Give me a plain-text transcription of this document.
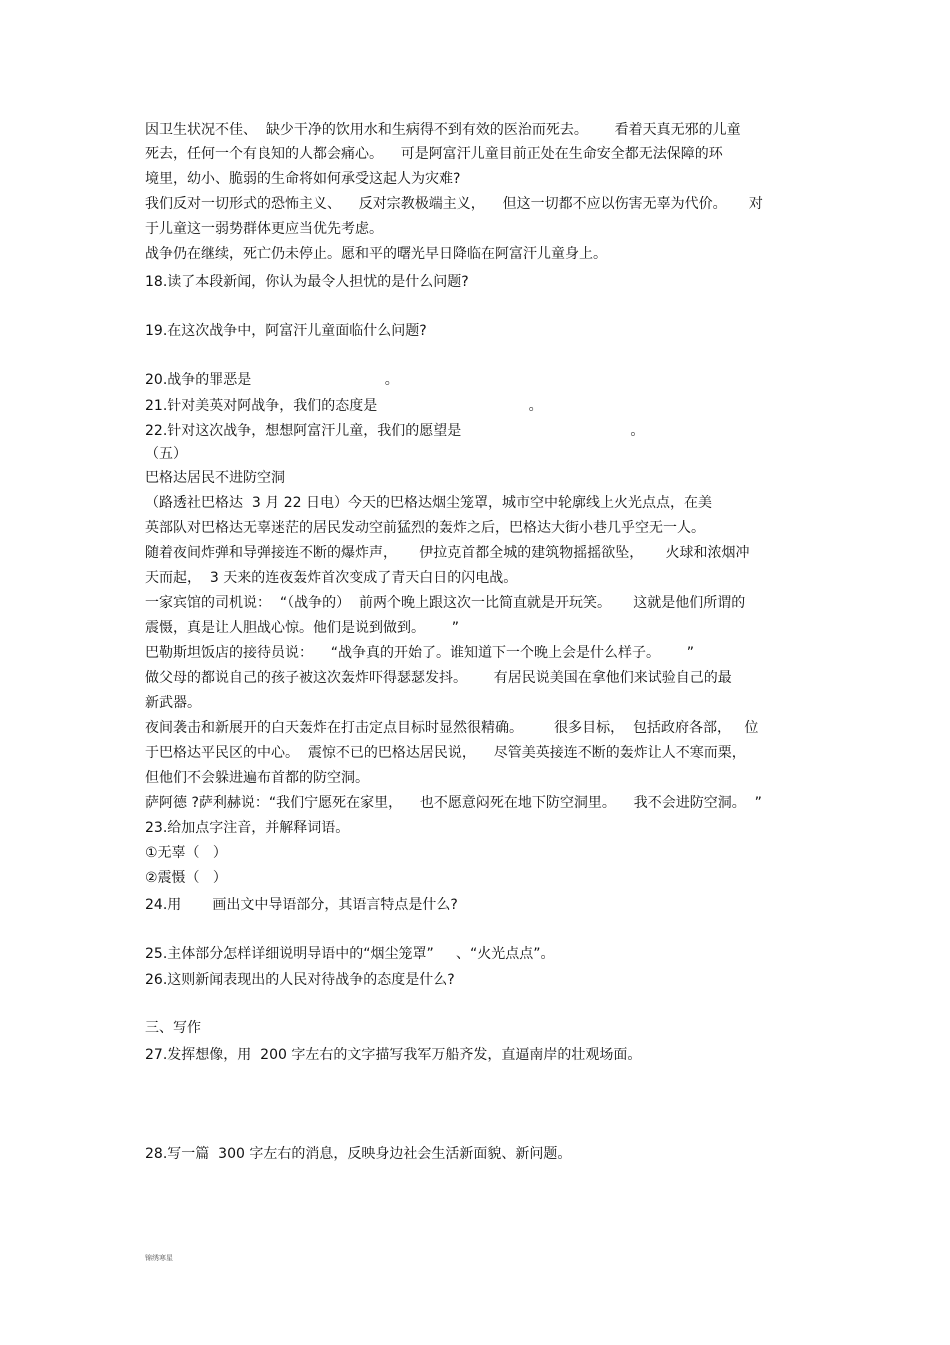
因卫生状况不佳、  缺少干净的饮用水和生病得不到有效的医治而死去。      看着天真无邪的儿童
死去，任何一个有良知的人都会痛心。    可是阿富汗儿童目前正处在生命安全都无法保障的环
境里，幼小、脆弱的生命将如何承受这起人为灾难?
我们反对一切形式的恐怖主义、    反对宗教极端主义，    但这一切都不应以伤害无辜为代价。     对
于儿童这一弱势群体更应当优先考虑。
战争仍在继续，死亡仍未停止。愿和平的曙光早日降临在阿富汗儿童身上。
18.读了本段新闻，你认为最令人担忧的是什么问题?
19.在这次战争中，阿富汗儿童面临什么问题?
20.战争的罪恶是                              。
21.针对美英对阿战争，我们的态度是                                  。
22.针对这次战争，想想阿富汗儿童，我们的愿望是                                      。
（五）
巴格达居民不进防空洞
（路透社巴格达  3 月 22 日电）今天的巴格达烟尘笼罩，城市空中轮廓线上火光点点，在美
英部队对巴格达无辜迷茫的居民发动空前猛烈的轰炸之后，巴格达大街小巷几乎空无一人。
随着夜间炸弹和导弹接连不断的爆炸声，     伊拉克首都全城的建筑物摇摇欲坠，     火球和浓烟冲
天而起，  3 天来的连夜轰炸首次变成了青天白日的闪电战。
一家宾馆的司机说：  “（战争的）  前两个晚上跟这次一比简直就是开玩笑。     这就是他们所谓的
震慑，真是让人胆战心惊。他们是说到做到。      ”
巴勒斯坦饭店的接待员说：    “战争真的开始了。谁知道下一个晚上会是什么样子。      ”
做父母的都说自己的孩子被这次轰炸吓得瑟瑟发抖。      有居民说美国在拿他们来试验自己的最
新武器。
夜间袭击和新展开的白天轰炸在打击定点目标时显然很精确。       很多目标，  包括政府各部，   位
于巴格达平民区的中心。  震惊不已的巴格达居民说，    尽管美英接连不断的轰炸让人不寒而栗，
但他们不会躲进遍布首都的防空洞。
萨阿德 ?萨利赫说：“我们宁愿死在家里，    也不愿意闷死在地下防空洞里。    我不会进防空洞。  ”
23.给加点字注音，并解释词语。
①无辜（   ）
②震慑（   ）
24.用       画出文中导语部分，其语言特点是什么?
25.主体部分怎样详细说明导语中的“烟尘笼罩”     、“火光点点”。
26.这则新闻表现出的人民对待战争的态度是什么?
三、写作
27.发挥想像，用  200 字左右的文字描写我军万船齐发，直逼南岸的壮观场面。
28.写一篇  300 字左右的消息，反映身边社会生活新面貌、新问题。
锦绣寒星
